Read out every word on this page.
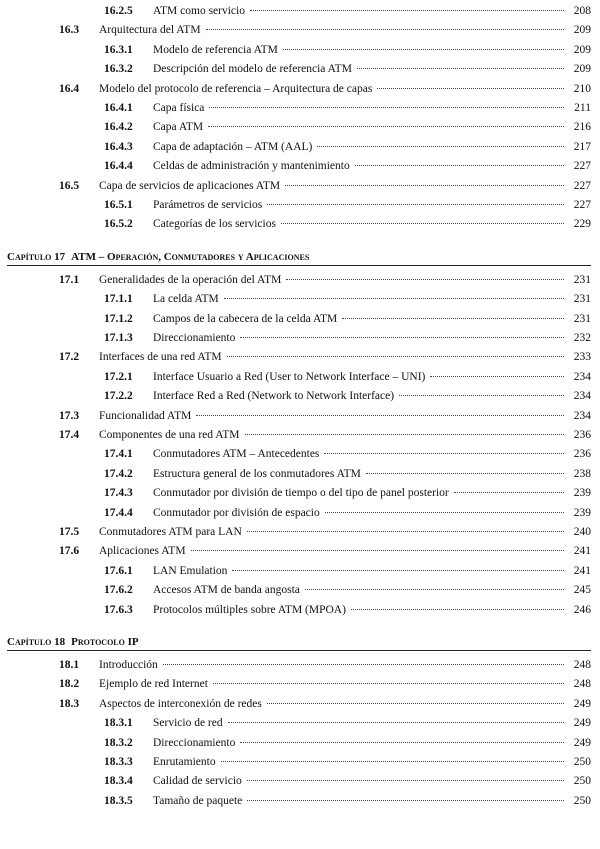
16.2.5	ATM como servicio	208
16.3	Arquitectura del ATM	209
16.3.1	Modelo de referencia ATM	209
16.3.2	Descripción del modelo de referencia ATM	209
16.4	Modelo del protocolo de referencia – Arquitectura de capas	210
16.4.1	Capa física	211
16.4.2	Capa ATM	216
16.4.3	Capa de adaptación – ATM (AAL)	217
16.4.4	Celdas de administración y mantenimiento	227
16.5	Capa de servicios de aplicaciones ATM	227
16.5.1	Parámetros de servicios	227
16.5.2	Categorías de los servicios	229
Capítulo 17 ATM – Operación, Conmutadores y Aplicaciones
17.1	Generalidades de la operación del ATM	231
17.1.1	La celda ATM	231
17.1.2	Campos de la cabecera de la celda ATM	231
17.1.3	Direccionamiento	232
17.2	Interfaces de una red ATM	233
17.2.1	Interface Usuario a Red (User to Network Interface – UNI)	234
17.2.2	Interface Red a Red (Network to Network Interface)	234
17.3	Funcionalidad ATM	234
17.4	Componentes de una red ATM	236
17.4.1	Conmutadores ATM – Antecedentes	236
17.4.2	Estructura general de los conmutadores ATM	238
17.4.3	Conmutador por división de tiempo o del tipo de panel posterior	239
17.4.4	Conmutador por división de espacio	239
17.5	Conmutadores ATM para LAN	240
17.6	Aplicaciones ATM	241
17.6.1	LAN Emulation	241
17.6.2	Accesos ATM de banda angosta	245
17.6.3	Protocolos múltiples sobre ATM (MPOA)	246
Capítulo 18 Protocolo IP
18.1	Introducción	248
18.2	Ejemplo de red Internet	248
18.3	Aspectos de interconexión de redes	249
18.3.1	Servicio de red	249
18.3.2	Direccionamiento	249
18.3.3	Enrutamiento	250
18.3.4	Calidad de servicio	250
18.3.5	Tamaño de paquete	250
